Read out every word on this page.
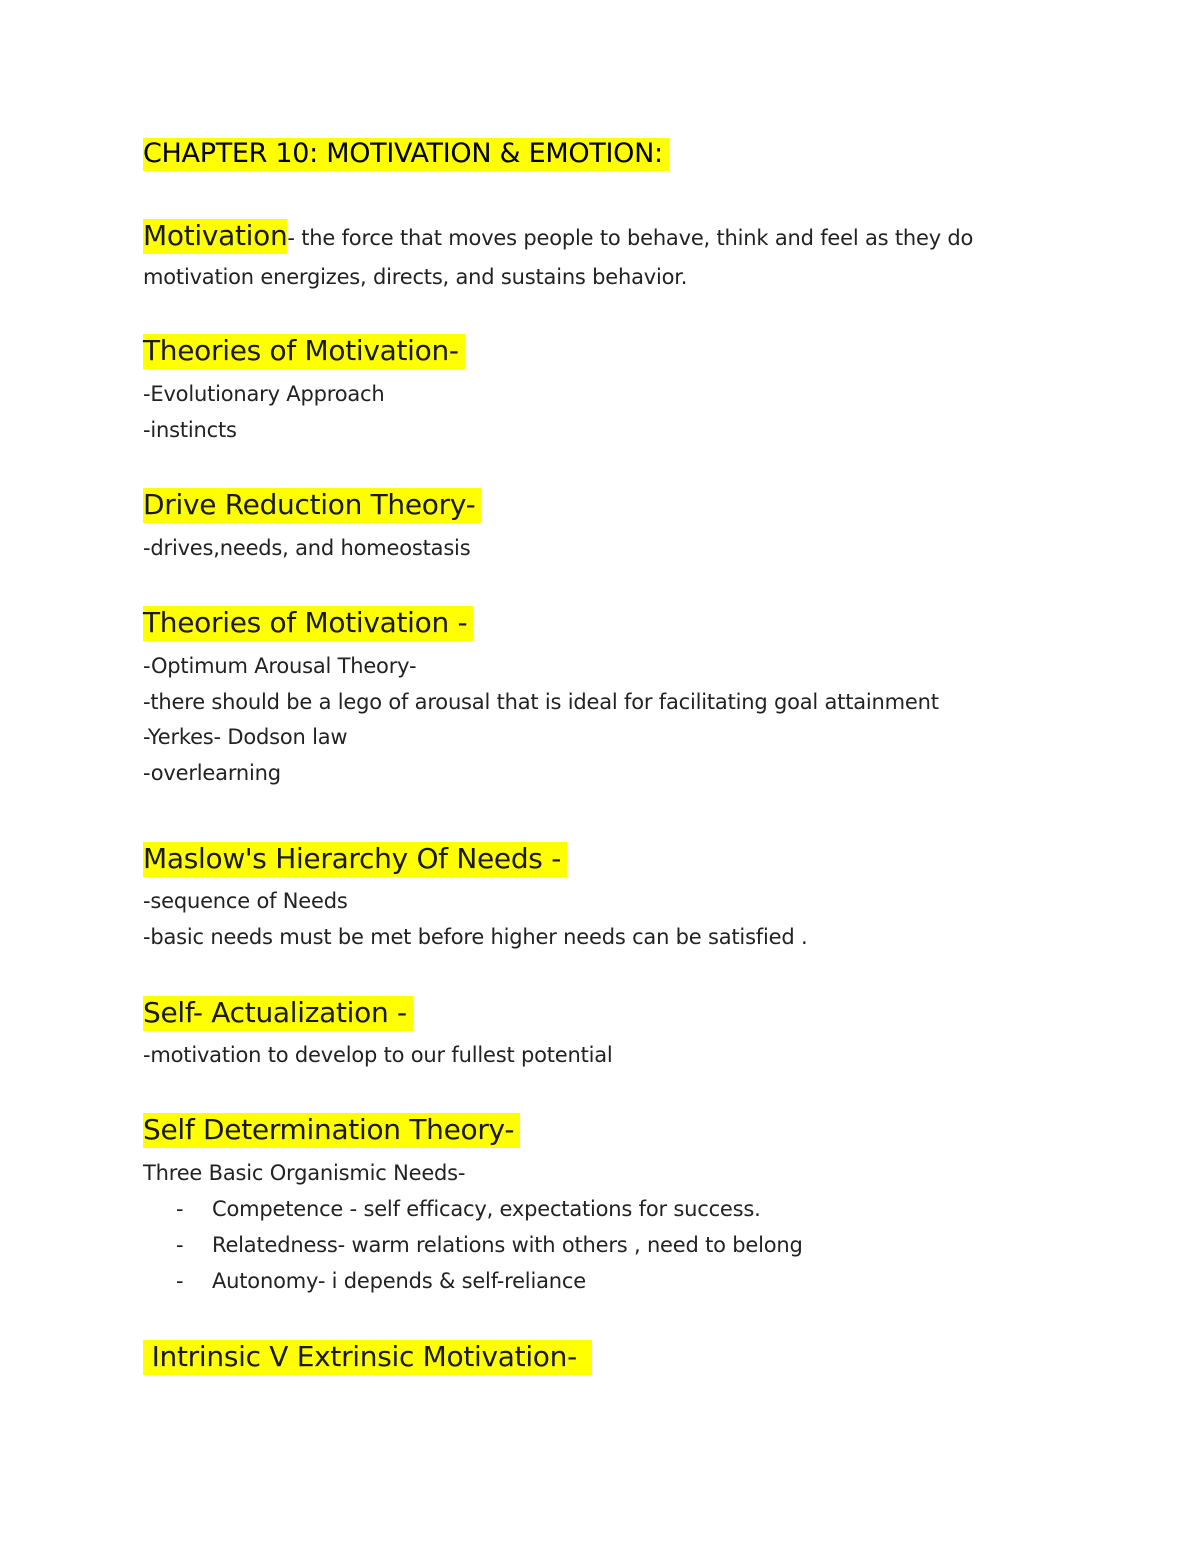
CHAPTER 10: MOTIVATION & EMOTION:
Motivation- the force that moves people to behave, think and feel as they do
motivation energizes, directs, and sustains behavior.
Theories of Motivation-
-Evolutionary Approach
-instincts
Drive Reduction Theory-
-drives,needs, and homeostasis
Theories of Motivation -
-Optimum Arousal Theory-
-there should be a lego of arousal that is ideal for facilitating goal attainment
-Yerkes- Dodson law
-overlearning
Maslow's Hierarchy Of Needs -
-sequence of Needs
-basic needs must be met before higher needs can be satisfied .
Self- Actualization -
-motivation to develop to our fullest potential
Self Determination Theory-
Three Basic Organismic Needs-
- Competence - self efficacy, expectations for success.
- Relatedness- warm relations with others , need to belong
- Autonomy- i depends & self-reliance
Intrinsic V Extrinsic Motivation-
